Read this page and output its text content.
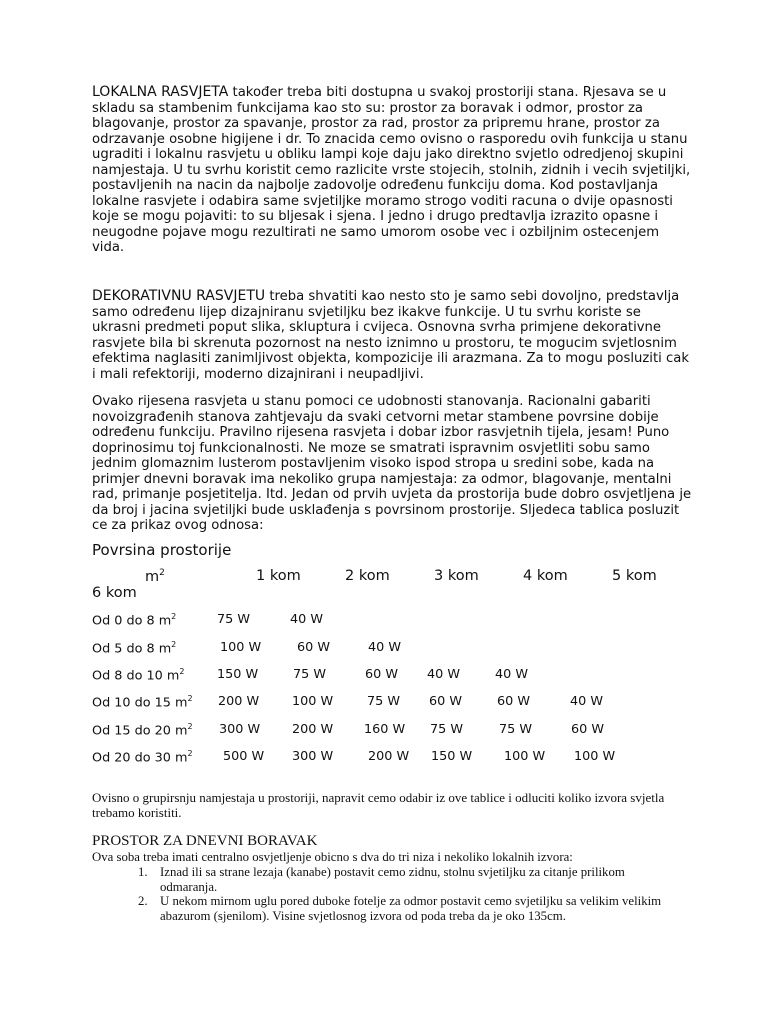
LOKALNA RASVJETA također treba biti dostupna u svakoj prostoriji stana. Rjesava se u skladu sa stambenim funkcijama kao sto su: prostor za boravak i odmor, prostor za blagovanje, prostor za spavanje, prostor za rad, prostor za pripremu hrane, prostor za odrzavanje osobne higijene i dr. To znacida cemo ovisno o rasporedu ovih funkcija u stanu ugraditi i lokalnu rasvjetu u obliku lampi koje daju jako direktno svjetlo odredjenoj skupini namjestaja. U tu svrhu koristit cemo razlicite vrste stojecih, stolnih, zidnih i vecih svjetiljki, postavljenih na nacin da najbolje zadovolje određenu funkciju doma. Kod postavljanja lokalne rasvjete i odabira same svjetiljke moramo strogo voditi racuna o dvije opasnosti koje se mogu pojaviti: to su bljesak i sjena. I jedno i drugo predtavlja izrazito opasne i neugodne pojave mogu rezultirati ne samo umorom osobe vec i ozbiljnim ostecenjem vida.

DEKORATIVNU RASVJETU treba shvatiti kao nesto sto je samo sebi dovoljno, predstavlja samo određenu lijep dizajniranu svjetiljku bez ikakve funkcije. U tu svrhu koriste se ukrasni predmeti poput slika, skluptura i cvijeca. Osnovna svrha primjene dekorativne rasvjete bila bi skrenuta pozornost na nesto iznimno u prostoru, te mogucim svjetlosnim efektima naglasiti zanimljivost objekta, kompozicije ili arazmana. Za to mogu posluziti cak i mali refektoriji, moderno dizajnirani i neupadljivi.

Ovako rijesena rasvjeta u stanu pomoci ce udobnosti stanovanja. Racionalni gabariti novoizgrađenih stanova zahtjevaju da svaki cetvorni metar stambene povrsine dobije određenu funkciju. Pravilno rijesena rasvjeta i dobar izbor rasvjetnih tijela, jesam! Puno doprinosimu toj funkcionalnosti. Ne moze se smatrati ispravnim osvjetliti sobu samo jednim glomaznim lusterom postavljenim visoko ispod stropa u sredini sobe, kada na primjer dnevni boravak ima nekoliko grupa namjestaja: za odmor, blagovanje, mentalni rad, primanje posjetitelja. Itd. Jedan od prvih uvjeta da prostorija bude dobro osvjetljena je da broj i jacina svjetiljki bude usklađenja s povrsinom prostorije. Sljedeca tablica posluzit ce za prikaz ovog odnosa:

Povrsina prostorije

$m^2$	1 kom	2 kom	3 kom	4 kom	5 kom
6 kom
Od 0 do 8 $m^2$	75 W	40 W
Od 5 do 8 $m^2$	100 W	60 W	40 W
Od 8 do 10 $m^2$	150 W	75 W	60 W 40 W	40 W
Od 10 do 15 $m^2$ 200 W	100 W	75 W 60 W	60 W	40 W
Od 15 do 20 $m^2$ 300 W 200 W 160 W 75 W	75 W	60 W
Od 20 do 30 $m^2$ 500 W 300 W	200 W 150 W 100 W 100 W

Ovisno o grupirsnju namjestaja u prostoriji, napravit cemo odabir iz ove tablice i odluciti koliko izvora svjetla trebamo koristiti.

PROSTOR ZA DNEVNI BORAVAK

Ova soba treba imati centralno osvjetljenje obicno s dva do tri niza i nekoliko lokalnih izvora:

1. Iznad ili sa strane lezaja (kanabe) postavit cemo zidnu, stolnu svjetiljku za citanje prilikom odmaranja.

2. U nekom mirnom uglu pored duboke fotelje za odmor postavit cemo svjetiljku sa velikim velikim abazurom (sjenilom). Visine svjetlosnog izvora od poda treba da je oko 135cm.
